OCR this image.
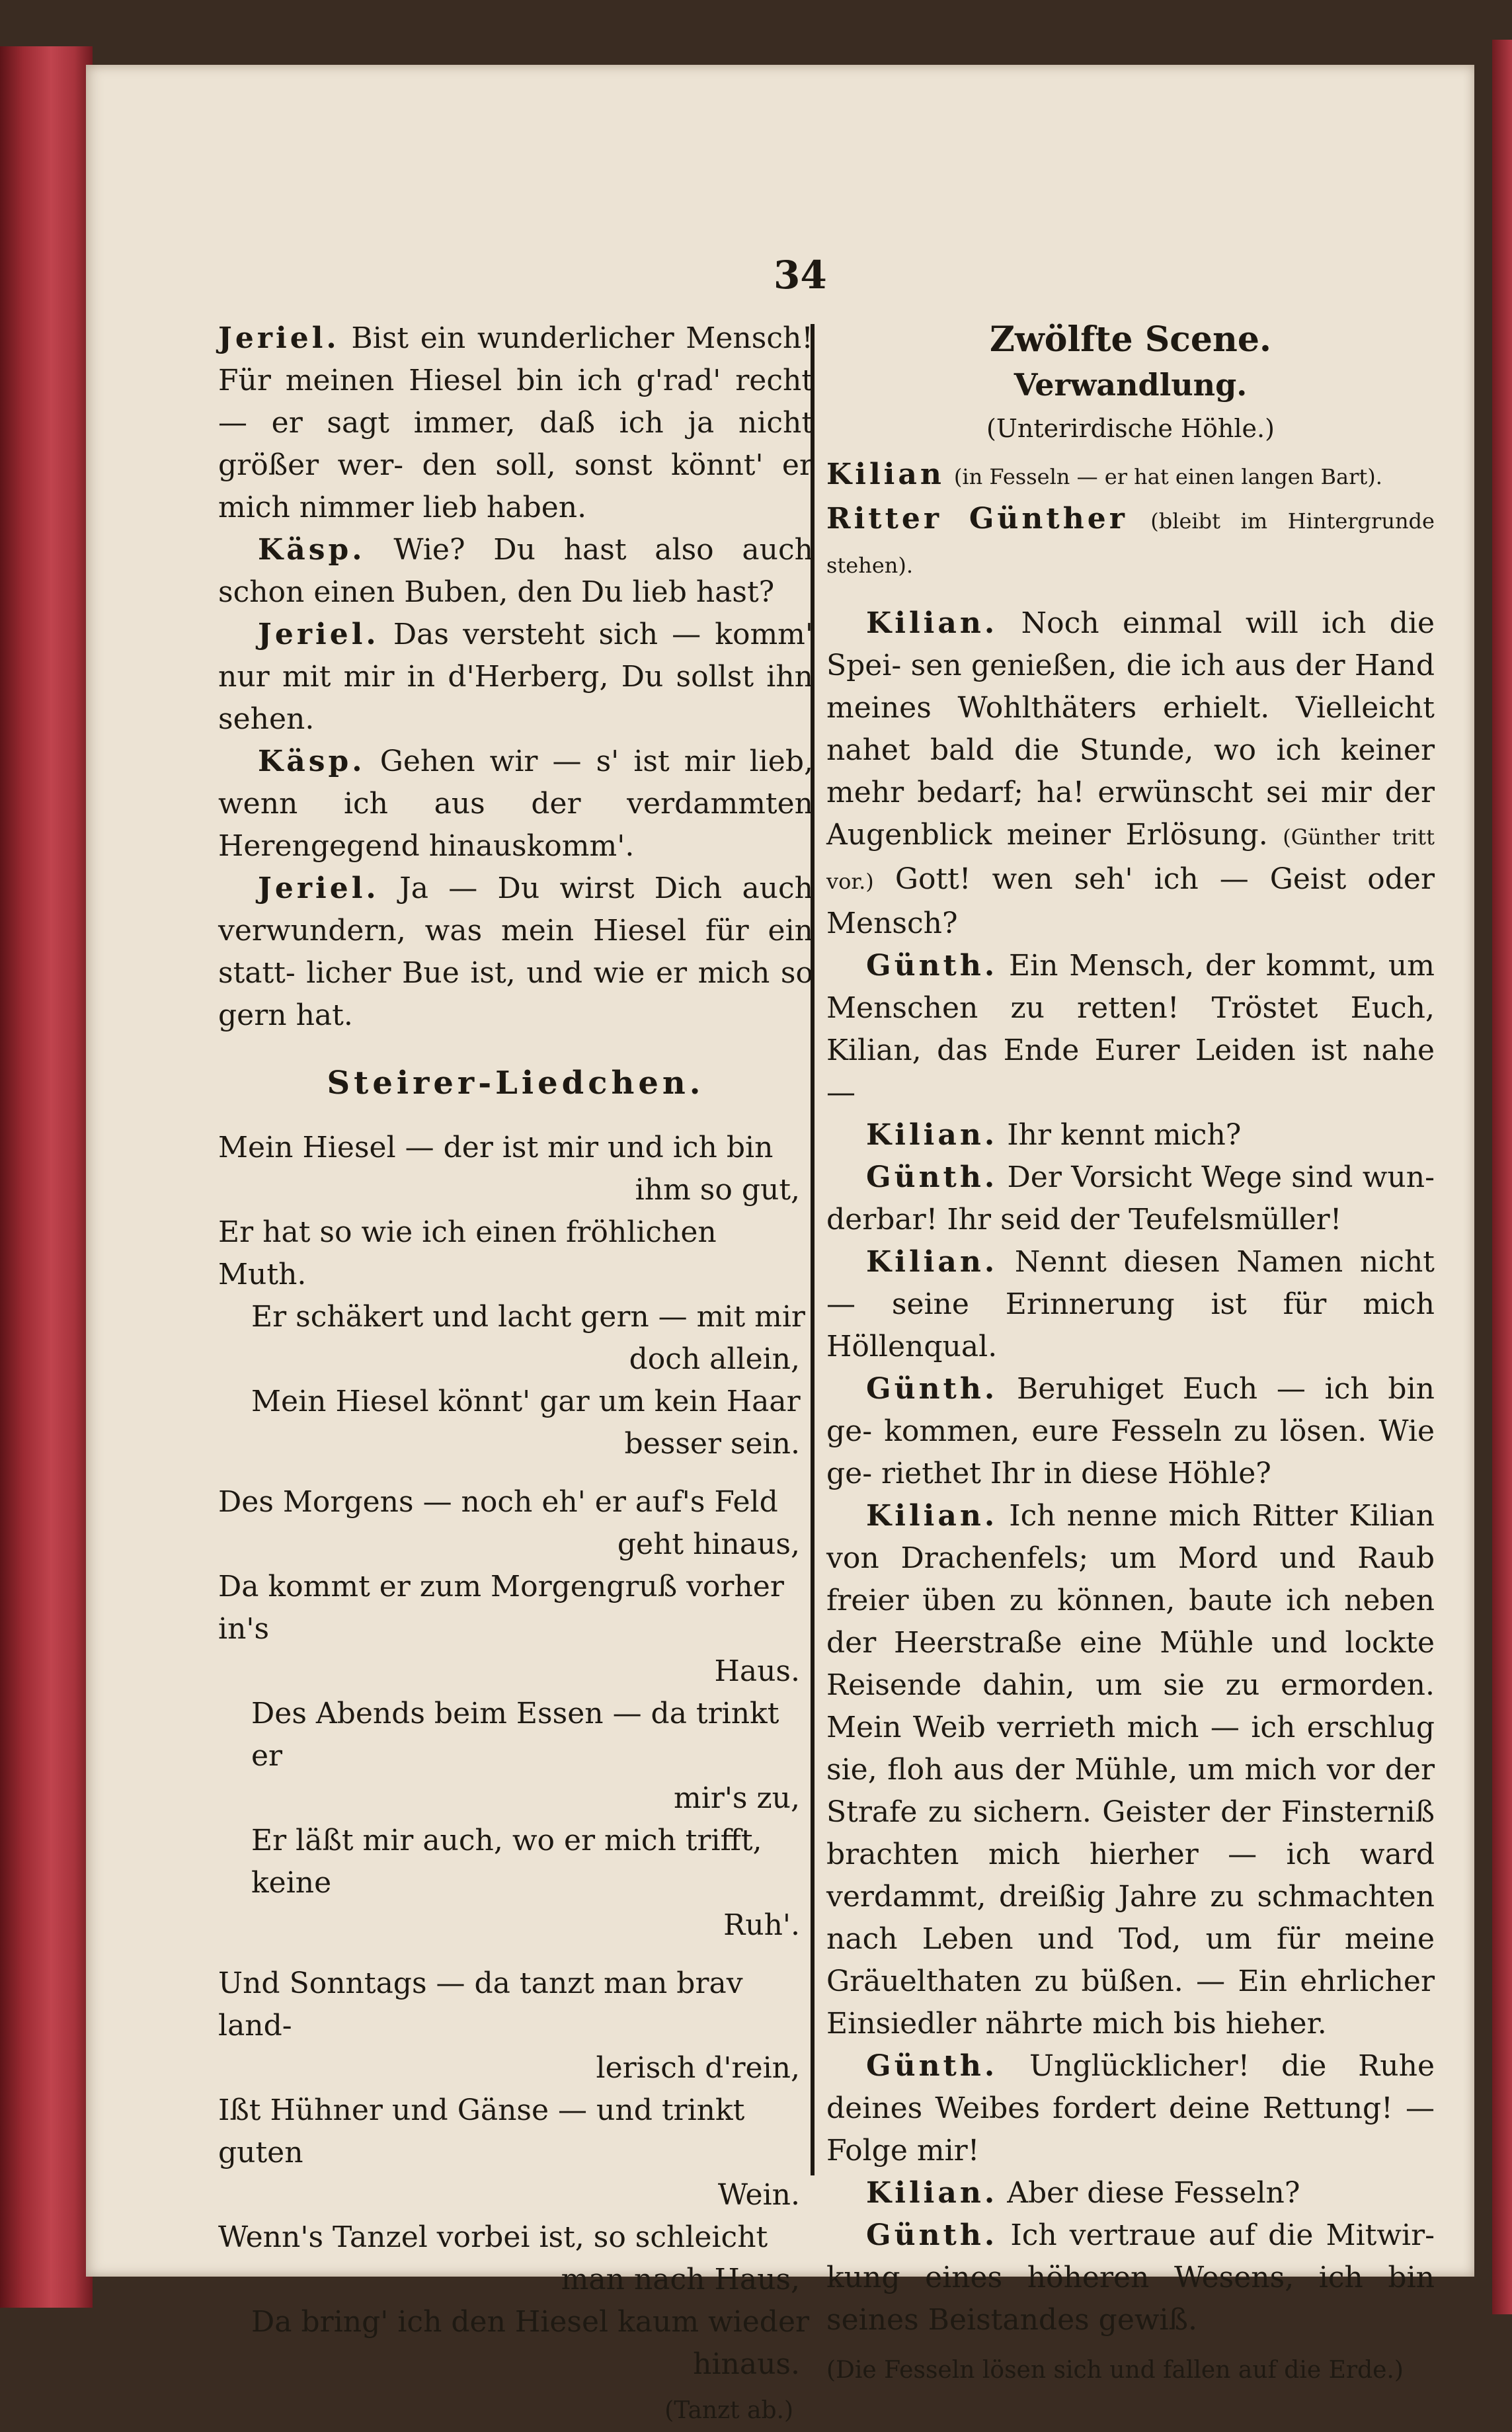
34

Jeriel. Bist ein wunderlicher Mensch! Für meinen Hiesel bin ich g'rad' recht — er sagt immer, daß ich ja nicht größer wer- den soll, sonst könnt' er mich nimmer lieb haben.

Käsp. Wie? Du hast also auch schon einen Buben, den Du lieb hast?

Jeriel. Das versteht sich — komm' nur mit mir in d'Herberg, Du sollst ihn sehen.

Käsp. Gehen wir — s' ist mir lieb, wenn ich aus der verdammten Herengegend hinauskomm'.

Jeriel. Ja — Du wirst Dich auch verwundern, was mein Hiesel für ein statt- licher Bue ist, und wie er mich so gern hat.

Steirer-Liedchen.

Mein Hiesel — der ist mir und ich bin

ihm so gut,

Er hat so wie ich einen fröhlichen Muth.

Er schäkert und lacht gern — mit mir

doch allein,

Mein Hiesel könnt' gar um kein Haar

besser sein.

Des Morgens — noch eh' er auf's Feld

geht hinaus,

Da kommt er zum Morgengruß vorher in's

Haus.

Des Abends beim Essen — da trinkt er

mir's zu,

Er läßt mir auch, wo er mich trifft, keine

Ruh'.

Und Sonntags — da tanzt man brav land-

lerisch d'rein,

Ißt Hühner und Gänse — und trinkt guten

Wein.

Wenn's Tanzel vorbei ist, so schleicht

man nach Haus,

Da bring' ich den Hiesel kaum wieder

hinaus.

(Tanzt ab.)

Zwölfte Scene.

Verwandlung.

(Unterirdische Höhle.)

Kilian (in Fesseln — er hat einen langen Bart).

Ritter Günther (bleibt im Hintergrunde stehen).

Kilian. Noch einmal will ich die Spei- sen genießen, die ich aus der Hand meines Wohlthäters erhielt. Vielleicht nahet bald die Stunde, wo ich keiner mehr bedarf; ha! erwünscht sei mir der Augenblick meiner Erlösung. (Günther tritt vor.) Gott! wen seh' ich — Geist oder Mensch?

Günth. Ein Mensch, der kommt, um Menschen zu retten! Tröstet Euch, Kilian, das Ende Eurer Leiden ist nahe —

Kilian. Ihr kennt mich?

Günth. Der Vorsicht Wege sind wun- derbar! Ihr seid der Teufelsmüller!

Kilian. Nennt diesen Namen nicht — seine Erinnerung ist für mich Höllenqual.

Günth. Beruhiget Euch — ich bin ge- kommen, eure Fesseln zu lösen. Wie ge- riethet Ihr in diese Höhle?

Kilian. Ich nenne mich Ritter Kilian von Drachenfels; um Mord und Raub freier üben zu können, baute ich neben der Heerstraße eine Mühle und lockte Reisende dahin, um sie zu ermorden. Mein Weib verrieth mich — ich erschlug sie, floh aus der Mühle, um mich vor der Strafe zu sichern. Geister der Finsterniß brachten mich hierher — ich ward verdammt, dreißig Jahre zu schmachten nach Leben und Tod, um für meine Gräuelthaten zu büßen. — Ein ehrlicher Einsiedler nährte mich bis hieher.

Günth. Unglücklicher! die Ruhe deines Weibes fordert deine Rettung! — Folge mir!

Kilian. Aber diese Fesseln?

Günth. Ich vertraue auf die Mitwir- kung eines höheren Wesens, ich bin seines Beistandes gewiß.

(Die Fesseln lösen sich und fallen auf die Erde.)
